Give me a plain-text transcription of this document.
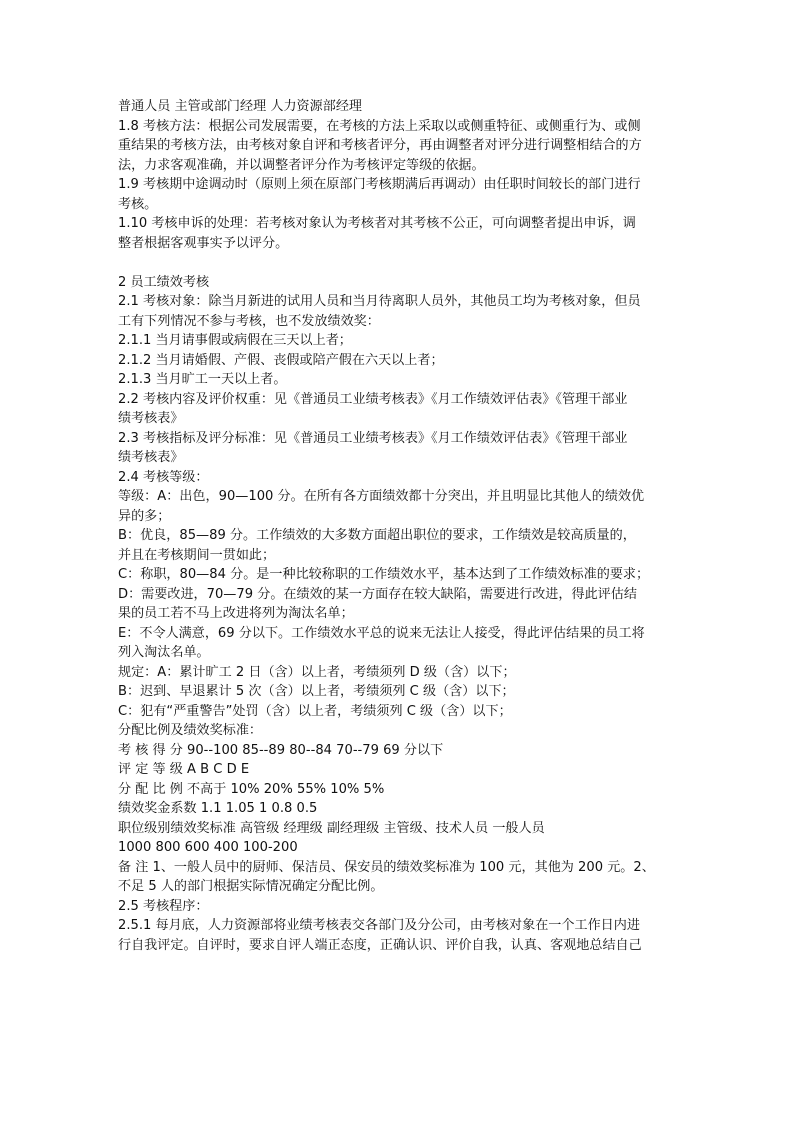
普通人员 主管或部门经理 人力资源部经理
1.8 考核方法：根据公司发展需要，在考核的方法上采取以或侧重特征、或侧重行为、或侧
重结果的考核方法，由考核对象自评和考核者评分，再由调整者对评分进行调整相结合的方
法，力求客观准确，并以调整者评分作为考核评定等级的依据。
1.9 考核期中途调动时（原则上须在原部门考核期满后再调动）由任职时间较长的部门进行
考核。
1.10 考核申诉的处理：若考核对象认为考核者对其考核不公正，可向调整者提出申诉，调
整者根据客观事实予以评分。
2 员工绩效考核
2.1 考核对象：除当月新进的试用人员和当月待离职人员外，其他员工均为考核对象，但员
工有下列情况不参与考核，也不发放绩效奖：
2.1.1 当月请事假或病假在三天以上者；
2.1.2 当月请婚假、产假、丧假或陪产假在六天以上者；
2.1.3 当月旷工一天以上者。
2.2 考核内容及评价权重：见《普通员工业绩考核表》《月工作绩效评估表》《管理干部业
绩考核表》
2.3 考核指标及评分标准：见《普通员工业绩考核表》《月工作绩效评估表》《管理干部业
绩考核表》
2.4 考核等级：
等级：A：出色，90—100 分。在所有各方面绩效都十分突出，并且明显比其他人的绩效优
异的多；
B：优良，85—89 分。工作绩效的大多数方面超出职位的要求，工作绩效是较高质量的，
并且在考核期间一贯如此；
C：称职，80—84 分。是一种比较称职的工作绩效水平，基本达到了工作绩效标准的要求；
D：需要改进，70—79 分。在绩效的某一方面存在较大缺陷，需要进行改进，得此评估结
果的员工若不马上改进将列为淘汰名单；
E：不令人满意，69 分以下。工作绩效水平总的说来无法让人接受，得此评估结果的员工将
列入淘汰名单。
规定：A：累计旷工 2 日（含）以上者，考绩须列 D 级（含）以下；
B：迟到、早退累计 5 次（含）以上者，考绩须列 C 级（含）以下；
C：犯有“严重警告”处罚（含）以上者，考绩须列 C 级（含）以下；
分配比例及绩效奖标准：
考 核 得 分 90--100 85--89 80--84 70--79 69 分以下
评 定 等 级 A B C D E
分 配 比 例 不高于 10% 20% 55% 10% 5%
绩效奖金系数 1.1 1.05 1 0.8 0.5
职位级别绩效奖标准 高管级 经理级 副经理级 主管级、技术人员 一般人员
1000 800 600 400 100-200
备 注 1、一般人员中的厨师、保洁员、保安员的绩效奖标准为 100 元，其他为 200 元。2、
不足 5 人的部门根据实际情况确定分配比例。
2.5 考核程序：
2.5.1 每月底，人力资源部将业绩考核表交各部门及分公司，由考核对象在一个工作日内进
行自我评定。自评时，要求自评人端正态度，正确认识、评价自我，认真、客观地总结自己
